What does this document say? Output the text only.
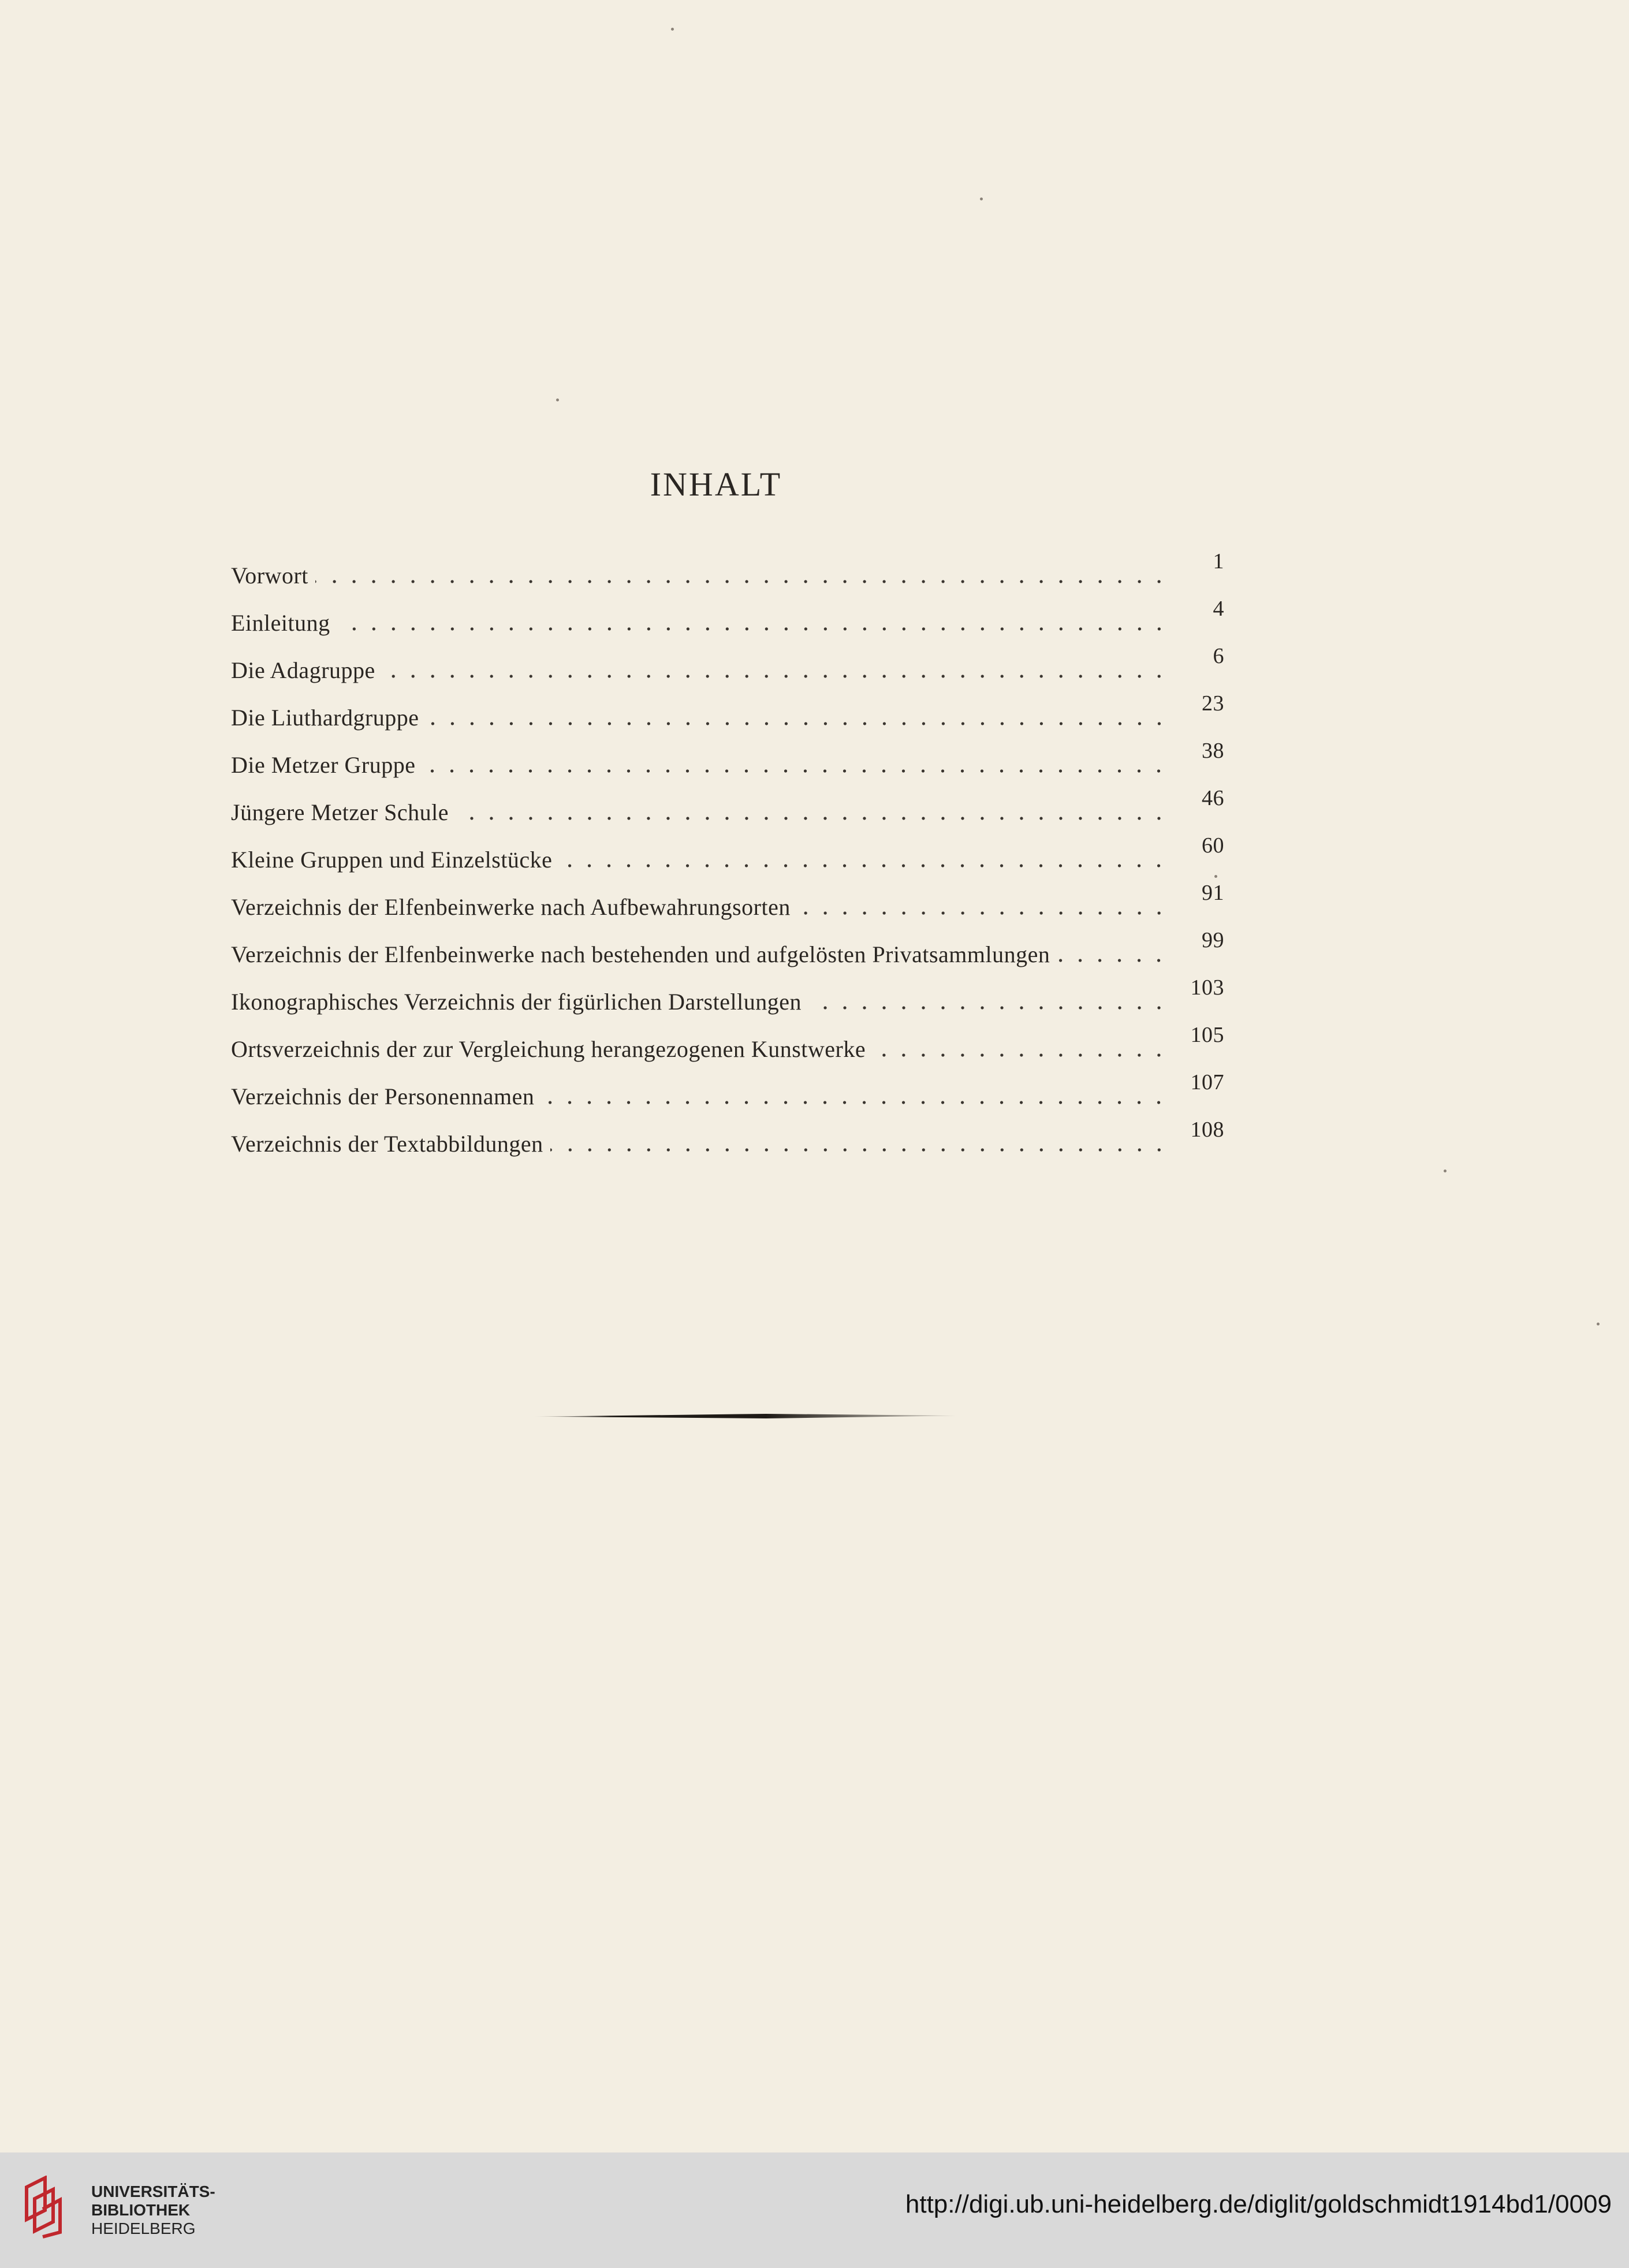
INHALT
Vorwort
1
Einleitung
4
Die Adagruppe
6
Die Liuthardgruppe
23
Die Metzer Gruppe
38
Jüngere Metzer Schule
46
Kleine Gruppen und Einzelstücke
60
Verzeichnis der Elfenbeinwerke nach Aufbewahrungsorten
91
Verzeichnis der Elfenbeinwerke nach bestehenden und aufgelösten Privatsammlungen
99
Ikonographisches Verzeichnis der figürlichen Darstellungen
103
Ortsverzeichnis der zur Vergleichung herangezogenen Kunstwerke
105
Verzeichnis der Personennamen
107
Verzeichnis der Textabbildungen
108
UNIVERSITÄTS-
BIBLIOTHEK
HEIDELBERG
http://digi.ub.uni-heidelberg.de/diglit/goldschmidt1914bd1/0009
